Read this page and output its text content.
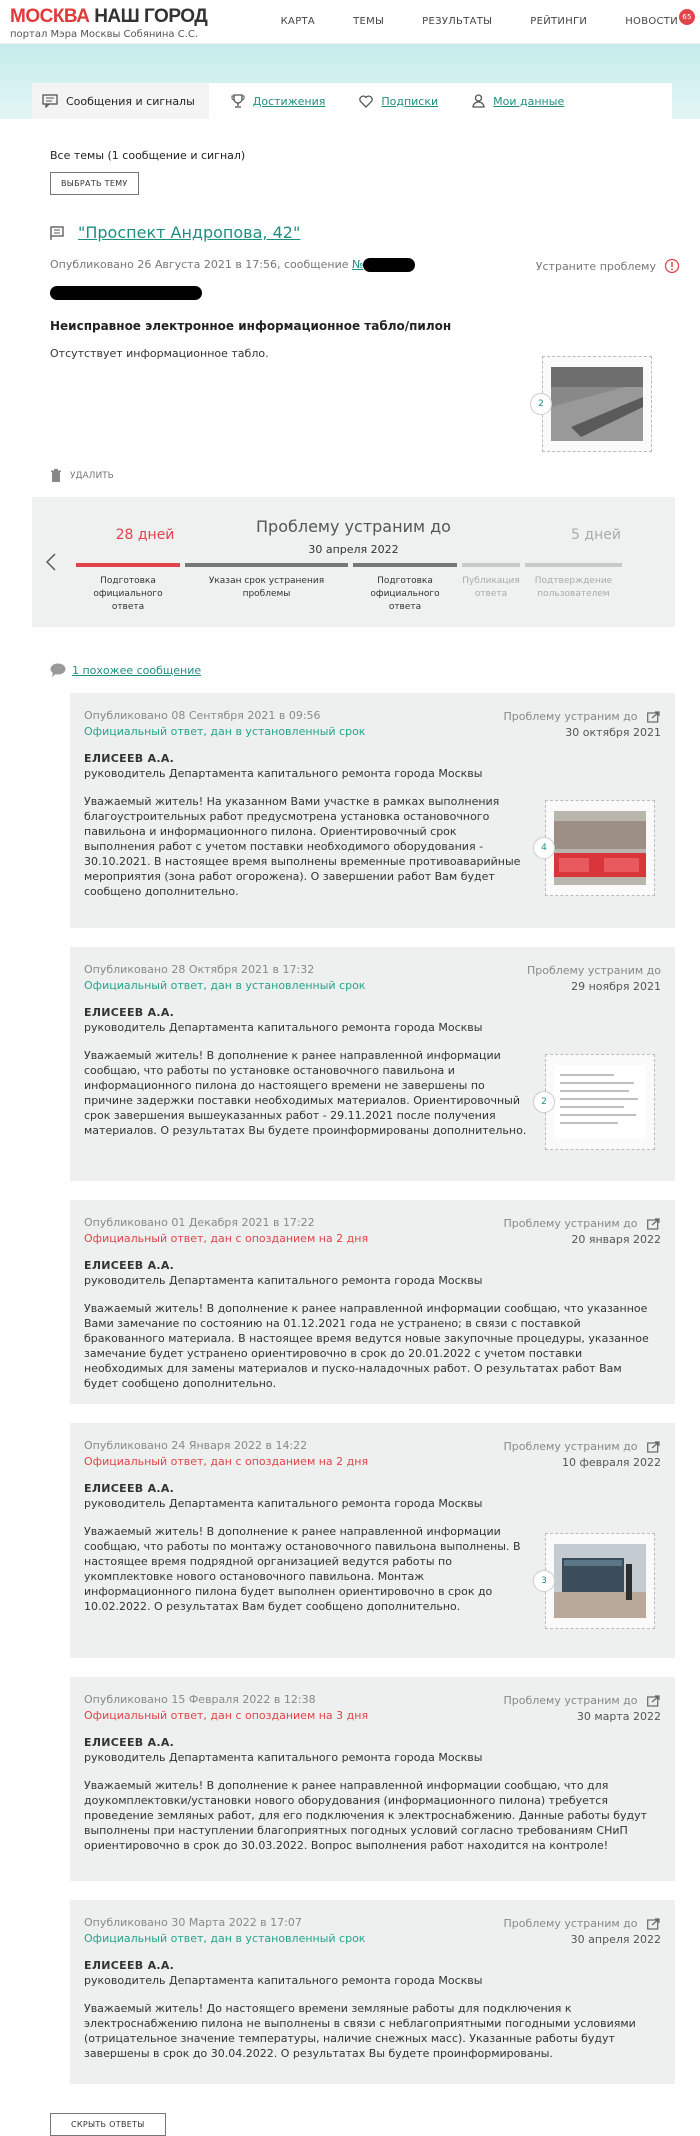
МОСКВА НАШ ГОРОД
портал Мэра Москвы Собянина С.С.
КАРТА	ТЕМЫ	РЕЗУЛЬТАТЫ	РЕЙТИНГИ	НОВОСТИ 65
Сообщения и сигналы	Достижения	Подписки	Мои данные
Все темы (1 сообщение и сигнал)
ВЫБРАТЬ ТЕМУ
"Проспект Андропова, 42"
Опубликовано 26 Августа 2021 в 17:56, сообщение №	Устраните проблему
Неисправное электронное информационное табло/пилон
Отсутствует информационное табло.
2
УДАЛИТЬ
28 дней	Проблему устраним до
30 апреля 2022
5 дней
Подготовка официального ответа
Указан срок устранения проблемы
Подготовка официального ответа
Публикация ответа
Подтверждение пользователем
1 похожее сообщение
Опубликовано 08 Сентября 2021 в 09:56
Официальный ответ, дан в установленный срок
Проблему устраним до
30 октября 2021
ЕЛИСЕЕВ А.А.
руководитель Департамента капитального ремонта города Москвы
Уважаемый житель! На указанном Вами участке в рамках выполнения благоустроительных работ предусмотрена установка остановочного павильона и информационного пилона. Ориентировочный срок выполнения работ с учетом поставки необходимого оборудования - 30.10.2021. В настоящее время выполнены временные противоаварийные мероприятия (зона работ огорожена). О завершении работ Вам будет сообщено дополнительно.
4
Опубликовано 28 Октября 2021 в 17:32
Официальный ответ, дан в установленный срок
Проблему устраним до
29 ноября 2021
ЕЛИСЕЕВ А.А.
руководитель Департамента капитального ремонта города Москвы
Уважаемый житель! В дополнение к ранее направленной информации сообщаю, что работы по установке остановочного павильона и информационного пилона до настоящего времени не завершены по причине задержки поставки необходимых материалов. Ориентировочный срок завершения вышеуказанных работ - 29.11.2021 после получения материалов. О результатах Вы будете проинформированы дополнительно.
2
Опубликовано 01 Декабря 2021 в 17:22
Официальный ответ, дан с опозданием на 2 дня
Проблему устраним до
20 января 2022
ЕЛИСЕЕВ А.А.
руководитель Департамента капитального ремонта города Москвы
Уважаемый житель! В дополнение к ранее направленной информации сообщаю, что указанное Вами замечание по состоянию на 01.12.2021 года не устранено; в связи с поставкой бракованного материала. В настоящее время ведутся новые закупочные процедуры, указанное замечание будет устранено ориентировочно в срок до 20.01.2022 с учетом поставки необходимых для замены материалов и пуско-наладочных работ. О результатах работ Вам будет сообщено дополнительно.
Опубликовано 24 Января 2022 в 14:22
Официальный ответ, дан с опозданием на 2 дня
Проблему устраним до
10 февраля 2022
ЕЛИСЕЕВ А.А.
руководитель Департамента капитального ремонта города Москвы
Уважаемый житель! В дополнение к ранее направленной информации сообщаю, что работы по монтажу остановочного павильона выполнены. В настоящее время подрядной организацией ведутся работы по укомплектовке нового остановочного павильона. Монтаж информационного пилона будет выполнен ориентировочно в срок до 10.02.2022. О результатах Вам будет сообщено дополнительно.
3
Опубликовано 15 Февраля 2022 в 12:38
Официальный ответ, дан с опозданием на 3 дня
Проблему устраним до
30 марта 2022
ЕЛИСЕЕВ А.А.
руководитель Департамента капитального ремонта города Москвы
Уважаемый житель! В дополнение к ранее направленной информации сообщаю, что для доукомплектовки/установки нового оборудования (информационного пилона) требуется проведение земляных работ, для его подключения к электроснабжению. Данные работы будут выполнены при наступлении благоприятных погодных условий согласно требованиям СНиП ориентировочно в срок до 30.03.2022. Вопрос выполнения работ находится на контроле!
Опубликовано 30 Марта 2022 в 17:07
Официальный ответ, дан в установленный срок
Проблему устраним до
30 апреля 2022
ЕЛИСЕЕВ А.А.
руководитель Департамента капитального ремонта города Москвы
Уважаемый житель! До настоящего времени земляные работы для подключения к электроснабжению пилона не выполнены в связи с неблагоприятными погодными условиями (отрицательное значение температуры, наличие снежных масс). Указанные работы будут завершены в срок до 30.04.2022. О результатах Вы будете проинформированы.
СКРЫТЬ ОТВЕТЫ
